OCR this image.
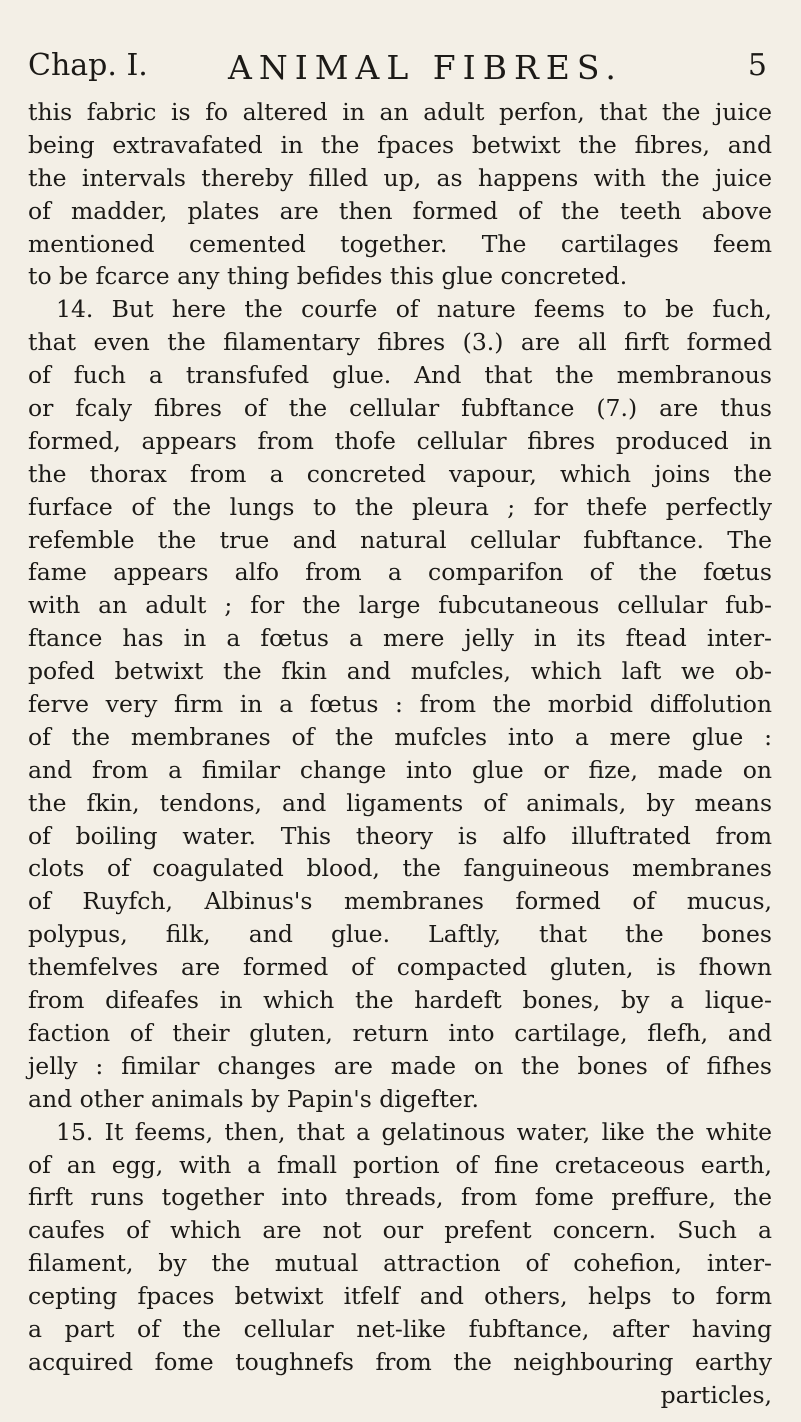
Chap. I. ANIMAL FIBRES.	5
this fabric is fo altered in an adult perfon, that the juice
being extravafated in the fpaces betwixt the fibres, and
the intervals thereby filled up, as happens with the juice
of madder, plates are then formed of the teeth above
mentioned cemented together. The cartilages feem
to be fcarce any thing befides this glue concreted.
14. But here the courfe of nature feems to be fuch,
that even the filamentary fibres (3.) are all firft formed
of fuch a transfufed glue. And that the membranous
or fcaly fibres of the cellular fubftance (7.) are thus
formed, appears from thofe cellular fibres produced in
the thorax from a concreted vapour, which joins the
furface of the lungs to the pleura ; for thefe perfectly
refemble the true and natural cellular fubftance. The
fame appears alfo from a comparifon of the fœtus
with an adult ; for the large fubcutaneous cellular fub-
ftance has in a fœtus a mere jelly in its ftead inter-
pofed betwixt the fkin and mufcles, which laft we ob-
ferve very firm in a fœtus : from the morbid diffolution
of the membranes of the mufcles into a mere glue :
and from a fimilar change into glue or fize, made on
the fkin, tendons, and ligaments of animals, by means
of boiling water. This theory is alfo illuftrated from
clots of coagulated blood, the fanguineous membranes
of Ruyfch, Albinus's membranes formed of mucus,
polypus, filk, and glue. Laftly, that the bones
themfelves are formed of compacted gluten, is fhown
from difeafes in which the hardeft bones, by a lique-
faction of their gluten, return into cartilage, flefh, and
jelly : fimilar changes are made on the bones of fifhes
and other animals by Papin's digefter.
15. It feems, then, that a gelatinous water, like the white
of an egg, with a fmall portion of fine cretaceous earth,
firft runs together into threads, from fome preffure, the
caufes of which are not our prefent concern. Such a
filament, by the mutual attraction of cohefion, inter-
cepting fpaces betwixt itfelf and others, helps to form
a part of the cellular net-like fubftance, after having
acquired fome toughnefs from the neighbouring earthy
particles,
